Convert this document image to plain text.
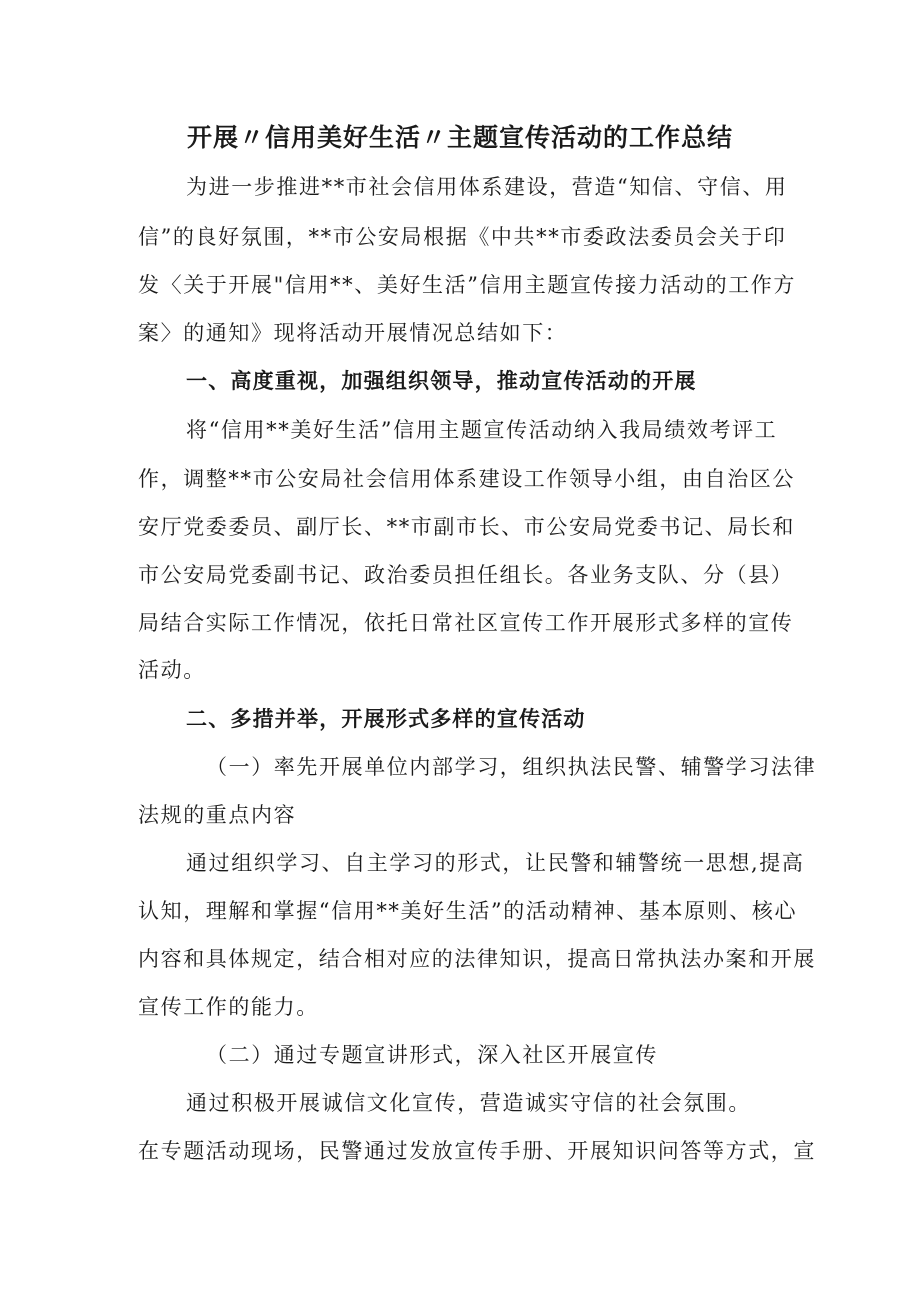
开展〃信用美好生活〃主题宣传活动的工作总结
为进一步推进**市社会信用体系建设，营造“知信、守信、用
信”的良好氛围，**市公安局根据《中共**市委政法委员会关于印
发〈关于开展"信用**、美好生活”信用主题宣传接力活动的工作方
案〉的通知》现将活动开展情况总结如下：
一、高度重视，加强组织领导，推动宣传活动的开展
将“信用**美好生活”信用主题宣传活动纳入我局绩效考评工
作，调整**市公安局社会信用体系建设工作领导小组，由自治区公
安厅党委委员、副厅长、**市副市长、市公安局党委书记、局长和
市公安局党委副书记、政治委员担任组长。各业务支队、分（县）
局结合实际工作情况，依托日常社区宣传工作开展形式多样的宣传
活动。
二、多措并举，开展形式多样的宣传活动
（一）率先开展单位内部学习，组织执法民警、辅警学习法律
法规的重点内容
通过组织学习、自主学习的形式，让民警和辅警统一思想,提高
认知，理解和掌握“信用**美好生活”的活动精神、基本原则、核心
内容和具体规定，结合相对应的法律知识，提高日常执法办案和开展
宣传工作的能力。
（二）通过专题宣讲形式，深入社区开展宣传
通过积极开展诚信文化宣传，营造诚实守信的社会氛围。
在专题活动现场，民警通过发放宣传手册、开展知识问答等方式，宣
